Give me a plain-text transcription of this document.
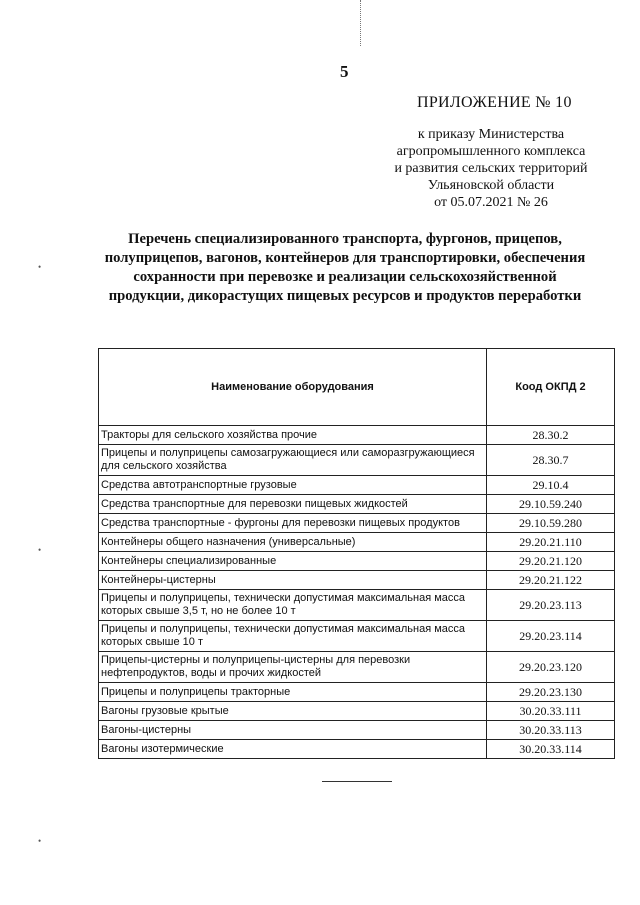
•
•
•
5
ПРИЛОЖЕНИЕ № 10
к приказу Министерства
агропромышленного комплекса
и развития сельских территорий
Ульяновской области
от 05.07.2021 № 26
Перечень специализированного транспорта, фургонов, прицепов,
полуприцепов, вагонов, контейнеров для транспортировки, обеспечения
сохранности при перевозке и реализации сельскохозяйственной
продукции, дикорастущих пищевых ресурсов и продуктов переработки
Наименование оборудования	Коод ОКПД 2
Тракторы для сельского хозяйства прочие	28.30.2
Прицепы и полуприцепы самозагружающиеся или саморазгружающиеся для сельского хозяйства	28.30.7
Средства автотранспортные грузовые	29.10.4
Средства транспортные для перевозки пищевых жидкостей	29.10.59.240
Средства транспортные - фургоны для перевозки пищевых продуктов	29.10.59.280
Контейнеры общего назначения (универсальные)	29.20.21.110
Контейнеры специализированные	29.20.21.120
Контейнеры-цистерны	29.20.21.122
Прицепы и полуприцепы, технически допустимая максимальная масса которых свыше 3,5 т, но не более 10 т	29.20.23.113
Прицепы и полуприцепы, технически допустимая максимальная масса которых свыше 10 т	29.20.23.114
Прицепы-цистерны и полуприцепы-цистерны для перевозки нефтепродуктов, воды и прочих жидкостей	29.20.23.120
Прицепы и полуприцепы тракторные	29.20.23.130
Вагоны грузовые крытые	30.20.33.111
Вагоны-цистерны	30.20.33.113
Вагоны изотермические	30.20.33.114
